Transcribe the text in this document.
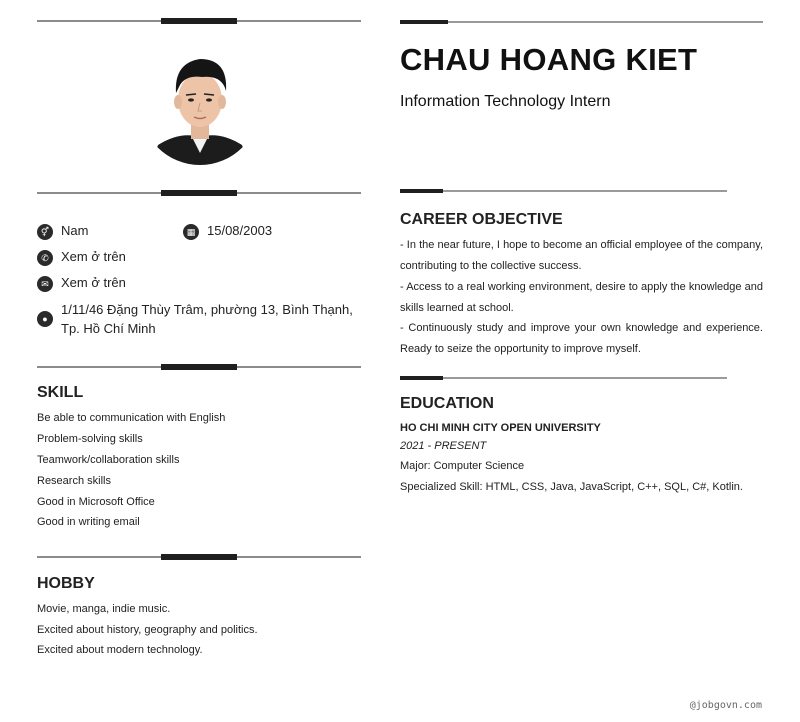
⚥ Nam	▦ 15/08/2003
✆ Xem ở trên
✉ Xem ở trên
●
1/11/46 Đặng Thùy Trâm, phường 13, Bình Thạnh,
Tp. Hồ Chí Minh
SKILL
Be able to communication with English
Problem-solving skills
Teamwork/collaboration skills
Research skills
Good in Microsoft Office
Good in writing email
HOBBY
Movie, manga, indie music.
Excited about history, geography and politics.
Excited about modern technology.
CHAU HOANG KIET
Information Technology Intern
CAREER OBJECTIVE
- In the near future, I hope to become an official employee of the company, contributing to the collective success.
- Access to a real working environment, desire to apply the knowledge and skills learned at school.
- Continuously study and improve your own knowledge and experience. Ready to seize the opportunity to improve myself.
EDUCATION
HO CHI MINH CITY OPEN UNIVERSITY
2021 - PRESENT
Major: Computer Science
Specialized Skill: HTML, CSS, Java, JavaScript, C++, SQL, C#, Kotlin.
@jobgovn.com
